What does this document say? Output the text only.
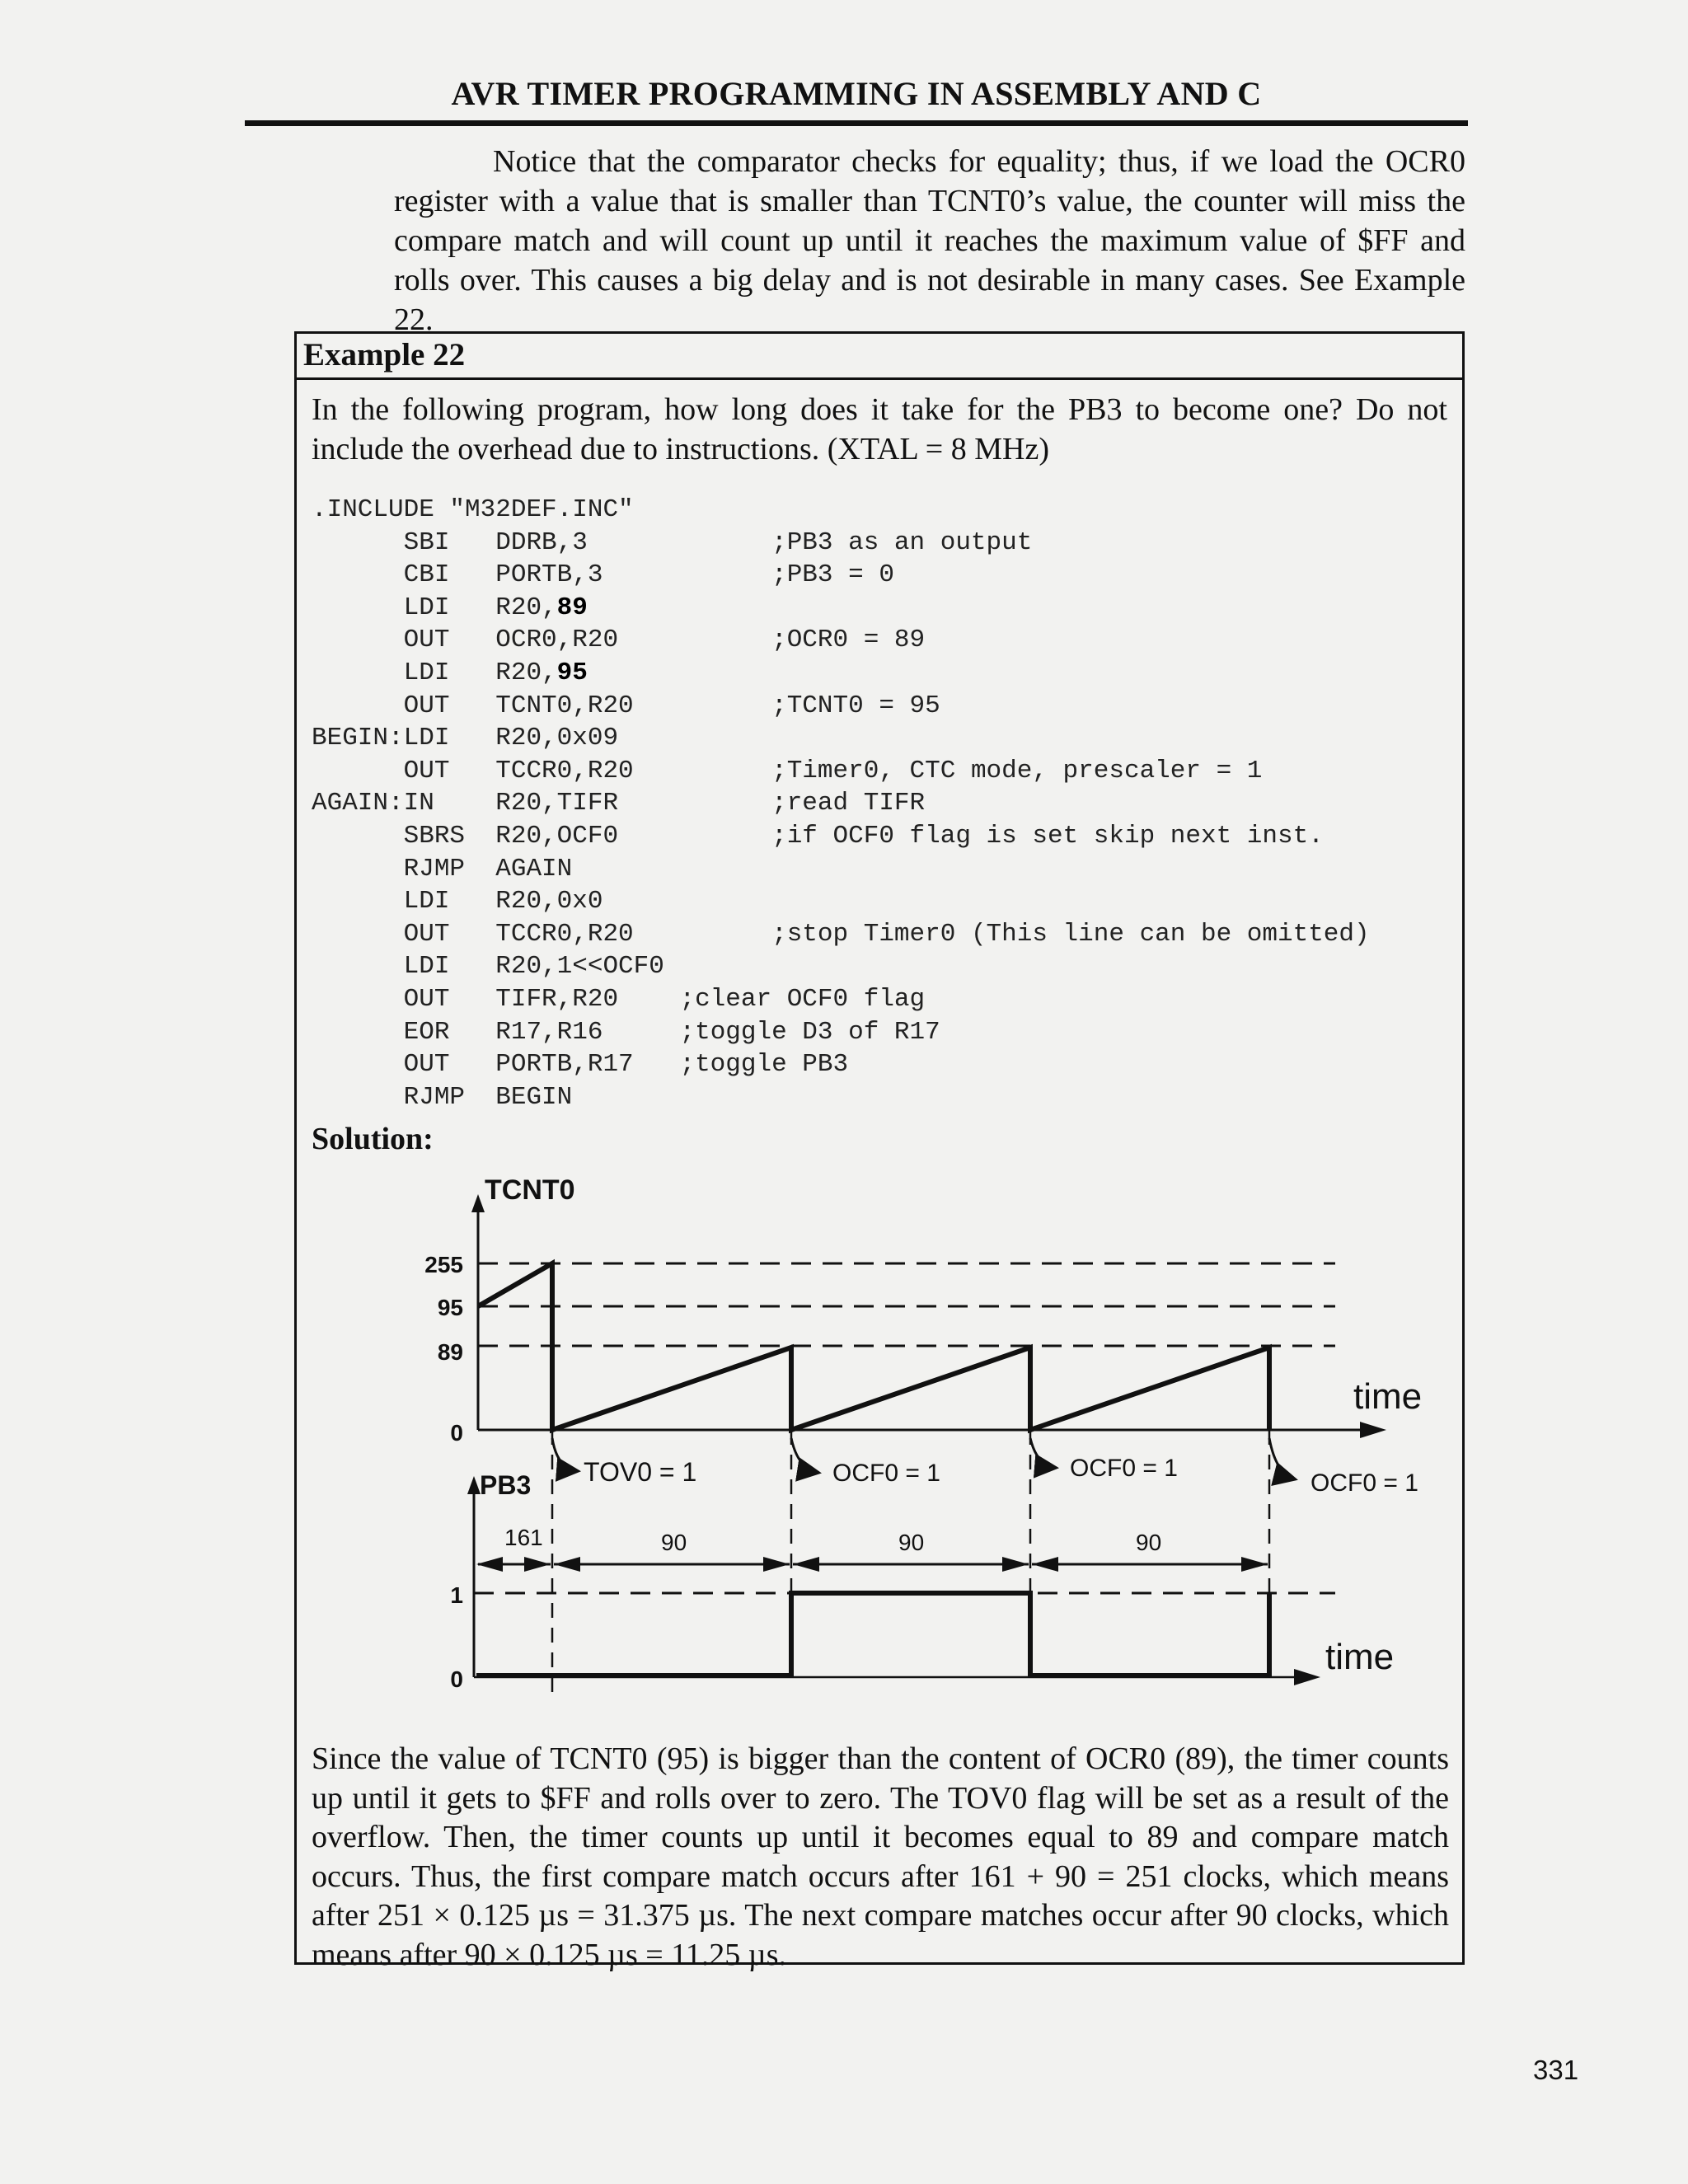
AVR TIMER PROGRAMMING IN ASSEMBLY AND C

Notice that the comparator checks for equality; thus, if we load the OCR0 register with a value that is smaller than TCNT0’s value, the counter will miss the compare match and will count up until it reaches the maximum value of $FF and rolls over. This causes a big delay and is not desirable in many cases. See Example 22.

Example 22

In the following program, how long does it take for the PB3 to become one? Do not include the overhead due to instructions. (XTAL = 8 MHz)

.INCLUDE "M32DEF.INC"
SBI   DDRB,3            ;PB3 as an output
CBI   PORTB,3           ;PB3 = 0
LDI   R20,89
OUT   OCR0,R20          ;OCR0 = 89
LDI   R20,95
OUT   TCNT0,R20         ;TCNT0 = 95
BEGIN:LDI   R20,0x09
OUT   TCCR0,R20         ;Timer0, CTC mode, prescaler = 1
AGAIN:IN    R20,TIFR          ;read TIFR
SBRS  R20,OCF0          ;if OCF0 flag is set skip next inst.
RJMP  AGAIN
LDI   R20,0x0
OUT   TCCR0,R20         ;stop Timer0 (This line can be omitted)
LDI   R20,1<<OCF0
OUT   TIFR,R20    ;clear OCF0 flag
EOR   R17,R16     ;toggle D3 of R17
OUT   PORTB,R17   ;toggle PB3
RJMP  BEGIN

Solution:

TCNT0
255
95
89
0
time
TOV0 = 1	OCF0 = 1	OCF0 = 1
OCF0 = 1
PB3
1
0
time
161	90	90	90

Since the value of TCNT0 (95) is bigger than the content of OCR0 (89), the timer counts up until it gets to $FF and rolls over to zero. The TOV0 flag will be set as a result of the overflow. Then, the timer counts up until it becomes equal to 89 and compare match occurs. Thus, the first compare match occurs after 161 + 90 = 251 clocks, which means after 251 × 0.125 µs = 31.375 µs. The next compare matches occur after 90 clocks, which means after 90 × 0.125 µs = 11.25 µs.

331
